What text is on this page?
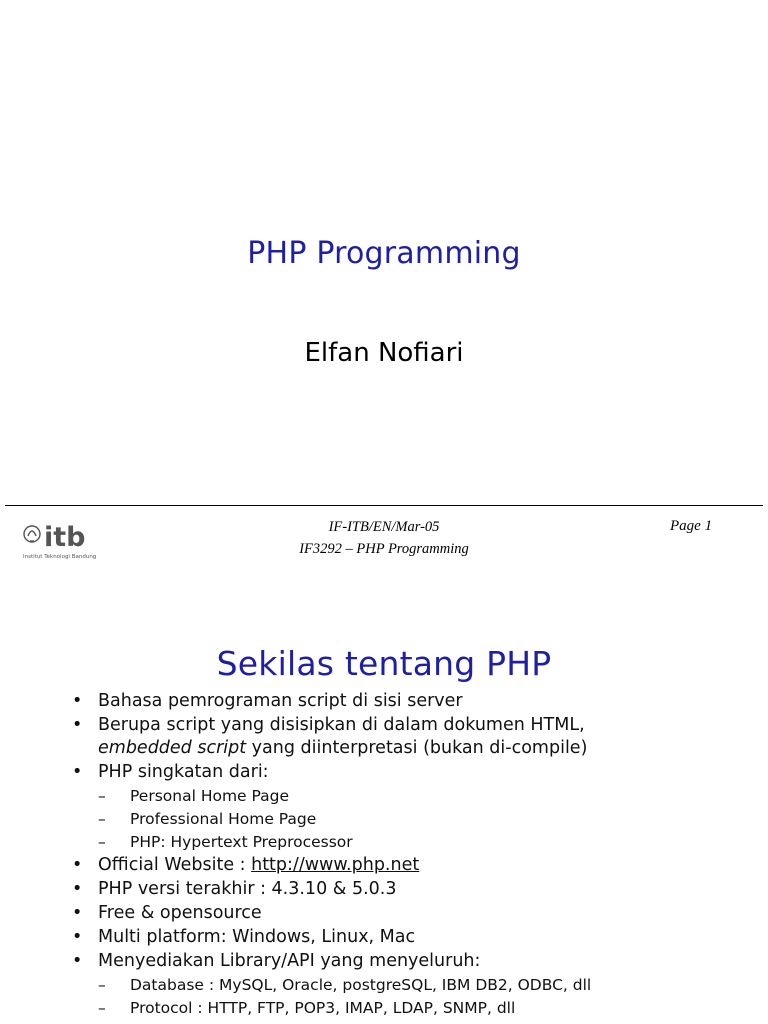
PHP Programming

Elfan Nofiari

itb
Institut Teknologi Bandung
IF-ITB/EN/Mar-05
IF3292 – PHP Programming
Page 1
Sekilas tentang PHP
• Bahasa pemrograman script di sisi server
• Berupa script yang disisipkan di dalam dokumen HTML,
embedded script yang diinterpretasi (bukan di-compile)
• PHP singkatan dari:
– Personal Home Page
– Professional Home Page
– PHP: Hypertext Preprocessor
• Official Website : http://www.php.net
• PHP versi terakhir : 4.3.10 & 5.0.3
• Free & opensource
• Multi platform: Windows, Linux, Mac
• Menyediakan Library/API yang menyeluruh:
– Database : MySQL, Oracle, postgreSQL, IBM DB2, ODBC, dll
– Protocol : HTTP, FTP, POP3, IMAP, LDAP, SNMP, dll
